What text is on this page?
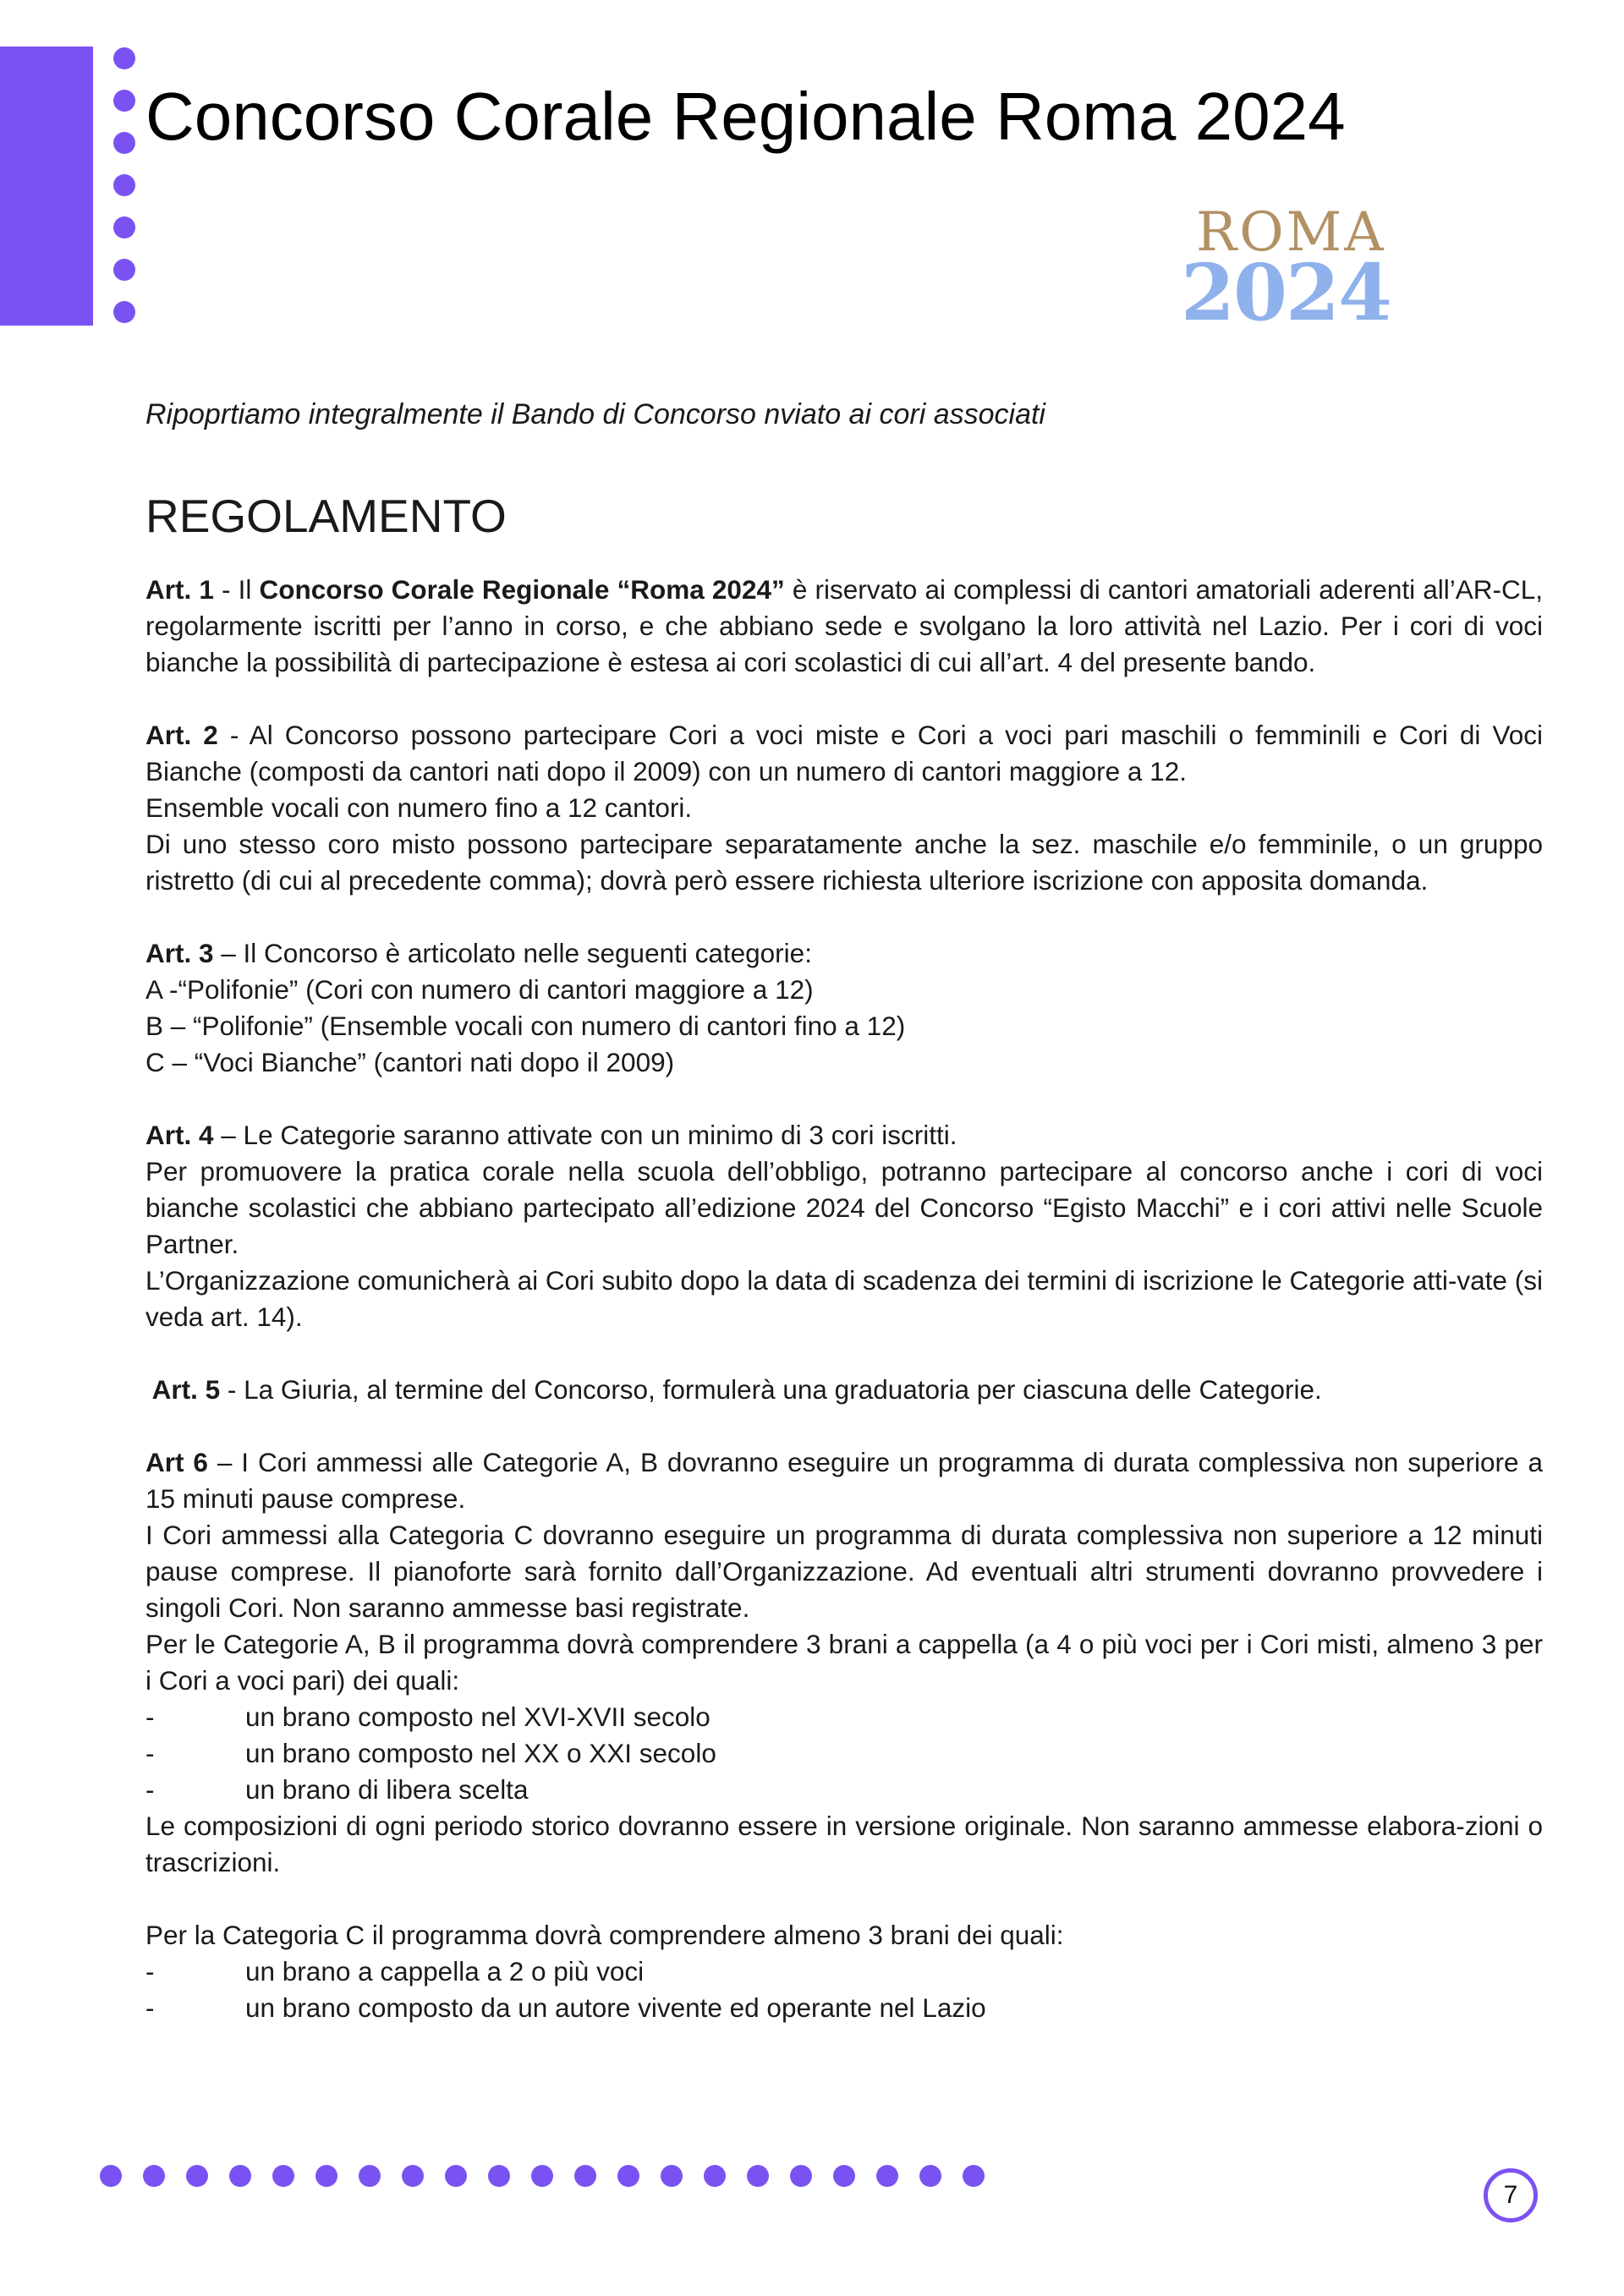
Concorso Corale Regionale Roma 2024
ROMA
2024
Ripoprtiamo integralmente il Bando di Concorso nviato ai cori associati
REGOLAMENTO

Art. 1 - Il Concorso Corale Regionale “Roma 2024” è riservato ai complessi di cantori amatoriali aderenti all’AR-CL, regolarmente iscritti per l’anno in corso, e che abbiano sede e svolgano la loro attività nel Lazio. Per i cori di voci bianche la possibilità di partecipazione è estesa ai cori scolastici di cui all’art. 4 del presente bando.

Art. 2 - Al Concorso possono partecipare Cori a voci miste e Cori a voci pari maschili o femminili e Cori di Voci Bianche (composti da cantori nati dopo il 2009) con un numero di cantori maggiore a 12.

Ensemble vocali con numero fino a 12 cantori.

Di uno stesso coro misto possono partecipare separatamente anche la sez. maschile e/o femminile, o un gruppo ristretto (di cui al precedente comma); dovrà però essere richiesta ulteriore iscrizione con apposita domanda.

Art. 3 – Il Concorso è articolato nelle seguenti categorie:

A -“Polifonie” (Cori con numero di cantori maggiore a 12)

B – “Polifonie” (Ensemble vocali con numero di cantori fino a 12)

C – “Voci Bianche” (cantori nati dopo il 2009)

Art. 4 – Le Categorie saranno attivate con un minimo di 3 cori iscritti.

Per promuovere la pratica corale nella scuola dell’obbligo, potranno partecipare al concorso anche i cori di voci bianche scolastici che abbiano partecipato all’edizione 2024 del Concorso “Egisto Macchi” e i cori attivi nelle Scuole Partner.

L’Organizzazione comunicherà ai Cori subito dopo la data di scadenza dei termini di iscrizione le Categorie atti-vate (si veda art. 14).

Art. 5 - La Giuria, al termine del Concorso, formulerà una graduatoria per ciascuna delle Categorie.

Art 6 – I Cori ammessi alle Categorie A, B dovranno eseguire un programma di durata complessiva non superiore a 15 minuti pause comprese.

I Cori ammessi alla Categoria C dovranno eseguire un programma di durata complessiva non superiore a 12 minuti pause comprese. Il pianoforte sarà fornito dall’Organizzazione. Ad eventuali altri strumenti dovranno provvedere i singoli Cori. Non saranno ammesse basi registrate.

Per le Categorie A, B il programma dovrà comprendere 3 brani a cappella (a 4 o più voci per i Cori misti, almeno 3 per i Cori a voci pari) dei quali:

-	un brano composto nel XVI-XVII secolo
-	un brano composto nel XX o XXI secolo
-	un brano di libera scelta

Le composizioni di ogni periodo storico dovranno essere in versione originale. Non saranno ammesse elabora-zioni o trascrizioni.

Per la Categoria C il programma dovrà comprendere almeno 3 brani dei quali:

-	un brano a cappella a 2 o più voci
-	un brano composto da un autore vivente ed operante nel Lazio
7
